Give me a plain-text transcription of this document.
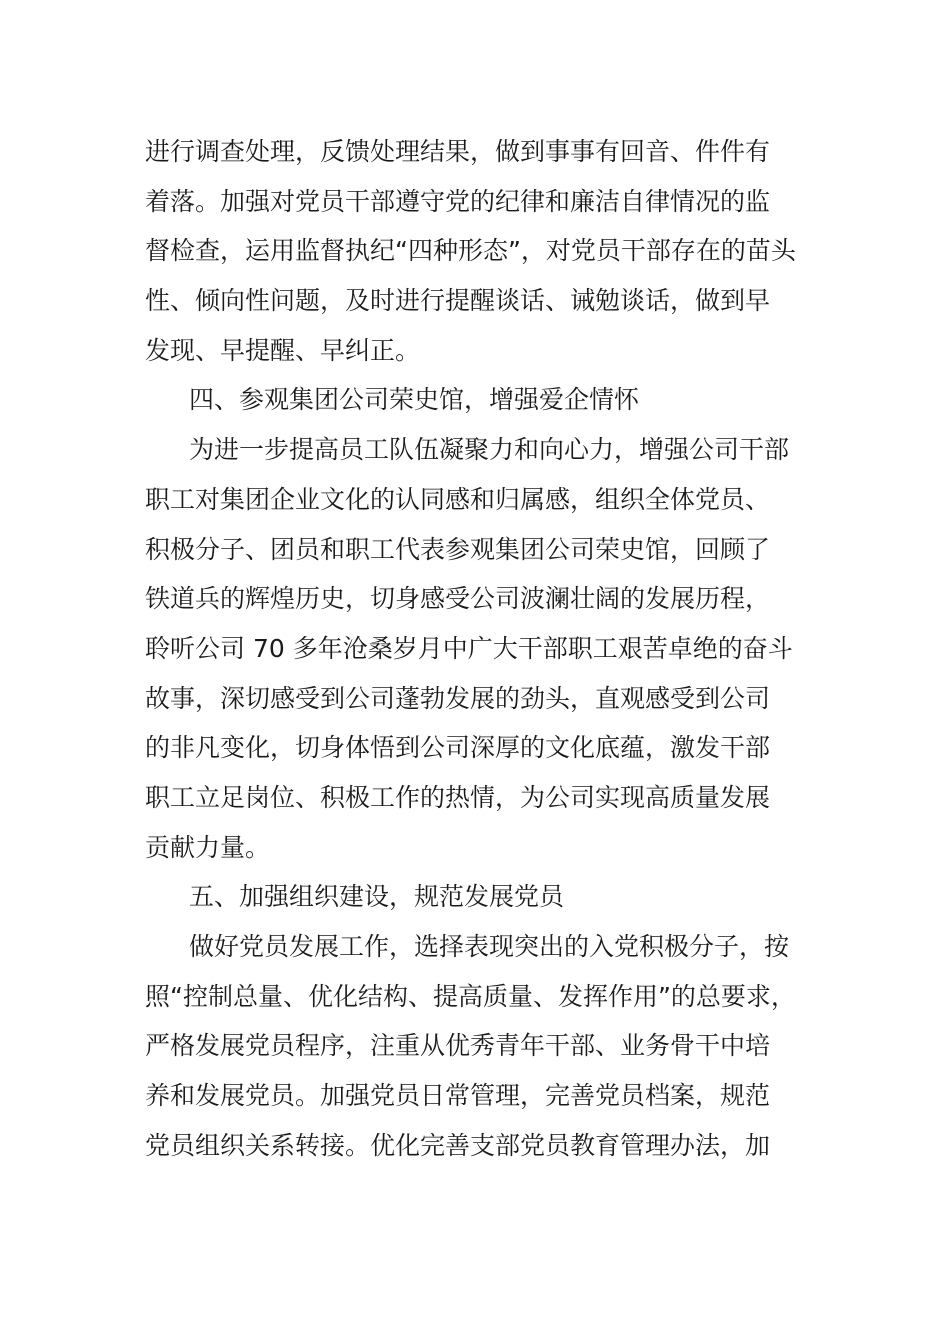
进行调查处理，反馈处理结果，做到事事有回音、件件有
着落。加强对党员干部遵守党的纪律和廉洁自律情况的监
督检查，运用监督执纪“四种形态”，对党员干部存在的苗头
性、倾向性问题，及时进行提醒谈话、诫勉谈话，做到早
发现、早提醒、早纠正。
四、参观集团公司荣史馆，增强爱企情怀
为进一步提高员工队伍凝聚力和向心力，增强公司干部
职工对集团企业文化的认同感和归属感，组织全体党员、
积极分子、团员和职工代表参观集团公司荣史馆，回顾了
铁道兵的辉煌历史，切身感受公司波澜壮阔的发展历程，
聆听公司 70 多年沧桑岁月中广大干部职工艰苦卓绝的奋斗
故事，深切感受到公司蓬勃发展的劲头，直观感受到公司
的非凡变化，切身体悟到公司深厚的文化底蕴，激发干部
职工立足岗位、积极工作的热情，为公司实现高质量发展
贡献力量。
五、加强组织建设，规范发展党员
做好党员发展工作，选择表现突出的入党积极分子，按
照“控制总量、优化结构、提高质量、发挥作用”的总要求，
严格发展党员程序，注重从优秀青年干部、业务骨干中培
养和发展党员。加强党员日常管理，完善党员档案，规范
党员组织关系转接。优化完善支部党员教育管理办法，加
